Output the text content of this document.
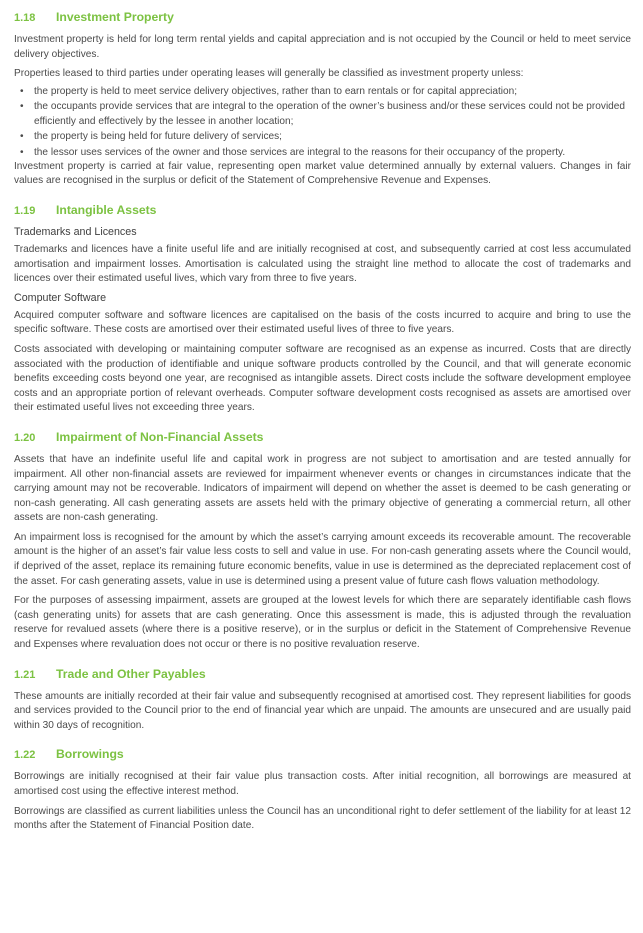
1.18	Investment Property

Investment property is held for long term rental yields and capital appreciation and is not occupied by the Council or held to meet service delivery objectives.

Properties leased to third parties under operating leases will generally be classified as investment property unless:

• the property is held to meet service delivery objectives, rather than to earn rentals or for capital appreciation;
• the occupants provide services that are integral to the operation of the owner’s business and/or these services could not be provided efficiently and effectively by the lessee in another location;
• the property is being held for future delivery of services;
• the lessor uses services of the owner and those services are integral to the reasons for their occupancy of the property.

Investment property is carried at fair value, representing open market value determined annually by external valuers. Changes in fair values are recognised in the surplus or deficit of the Statement of Comprehensive Revenue and Expenses.

1.19	Intangible Assets
Trademarks and Licences

Trademarks and licences have a finite useful life and are initially recognised at cost, and subsequently carried at cost less accumulated amortisation and impairment losses. Amortisation is calculated using the straight line method to allocate the cost of trademarks and licences over their estimated useful lives, which vary from three to five years.

Computer Software

Acquired computer software and software licences are capitalised on the basis of the costs incurred to acquire and bring to use the specific software. These costs are amortised over their estimated useful lives of three to five years.

Costs associated with developing or maintaining computer software are recognised as an expense as incurred. Costs that are directly associated with the production of identifiable and unique software products controlled by the Council, and that will generate economic benefits exceeding costs beyond one year, are recognised as intangible assets. Direct costs include the software development employee costs and an appropriate portion of relevant overheads. Computer software development costs recognised as assets are amortised over their estimated useful lives not exceeding three years.

1.20	Impairment of Non-Financial Assets

Assets that have an indefinite useful life and capital work in progress are not subject to amortisation and are tested annually for impairment. All other non-financial assets are reviewed for impairment whenever events or changes in circumstances indicate that the carrying amount may not be recoverable. Indicators of impairment will depend on whether the asset is deemed to be cash generating or non-cash generating. All cash generating assets are assets held with the primary objective of generating a commercial return, all other assets are non-cash generating.

An impairment loss is recognised for the amount by which the asset’s carrying amount exceeds its recoverable amount. The recoverable amount is the higher of an asset’s fair value less costs to sell and value in use. For non-cash generating assets where the Council would, if deprived of the asset, replace its remaining future economic benefits, value in use is determined as the depreciated replacement cost of the asset. For cash generating assets, value in use is determined using a present value of future cash flows valuation methodology.

For the purposes of assessing impairment, assets are grouped at the lowest levels for which there are separately identifiable cash flows (cash generating units) for assets that are cash generating. Once this assessment is made, this is adjusted through the revaluation reserve for revalued assets (where there is a positive reserve), or in the surplus or deficit in the Statement of Comprehensive Revenue and Expenses where revaluation does not occur or there is no positive revaluation reserve.

1.21	Trade and Other Payables

These amounts are initially recorded at their fair value and subsequently recognised at amortised cost. They represent liabilities for goods and services provided to the Council prior to the end of financial year which are unpaid. The amounts are unsecured and are usually paid within 30 days of recognition.

1.22	Borrowings

Borrowings are initially recognised at their fair value plus transaction costs. After initial recognition, all borrowings are measured at amortised cost using the effective interest method.

Borrowings are classified as current liabilities unless the Council has an unconditional right to defer settlement of the liability for at least 12 months after the Statement of Financial Position date.
